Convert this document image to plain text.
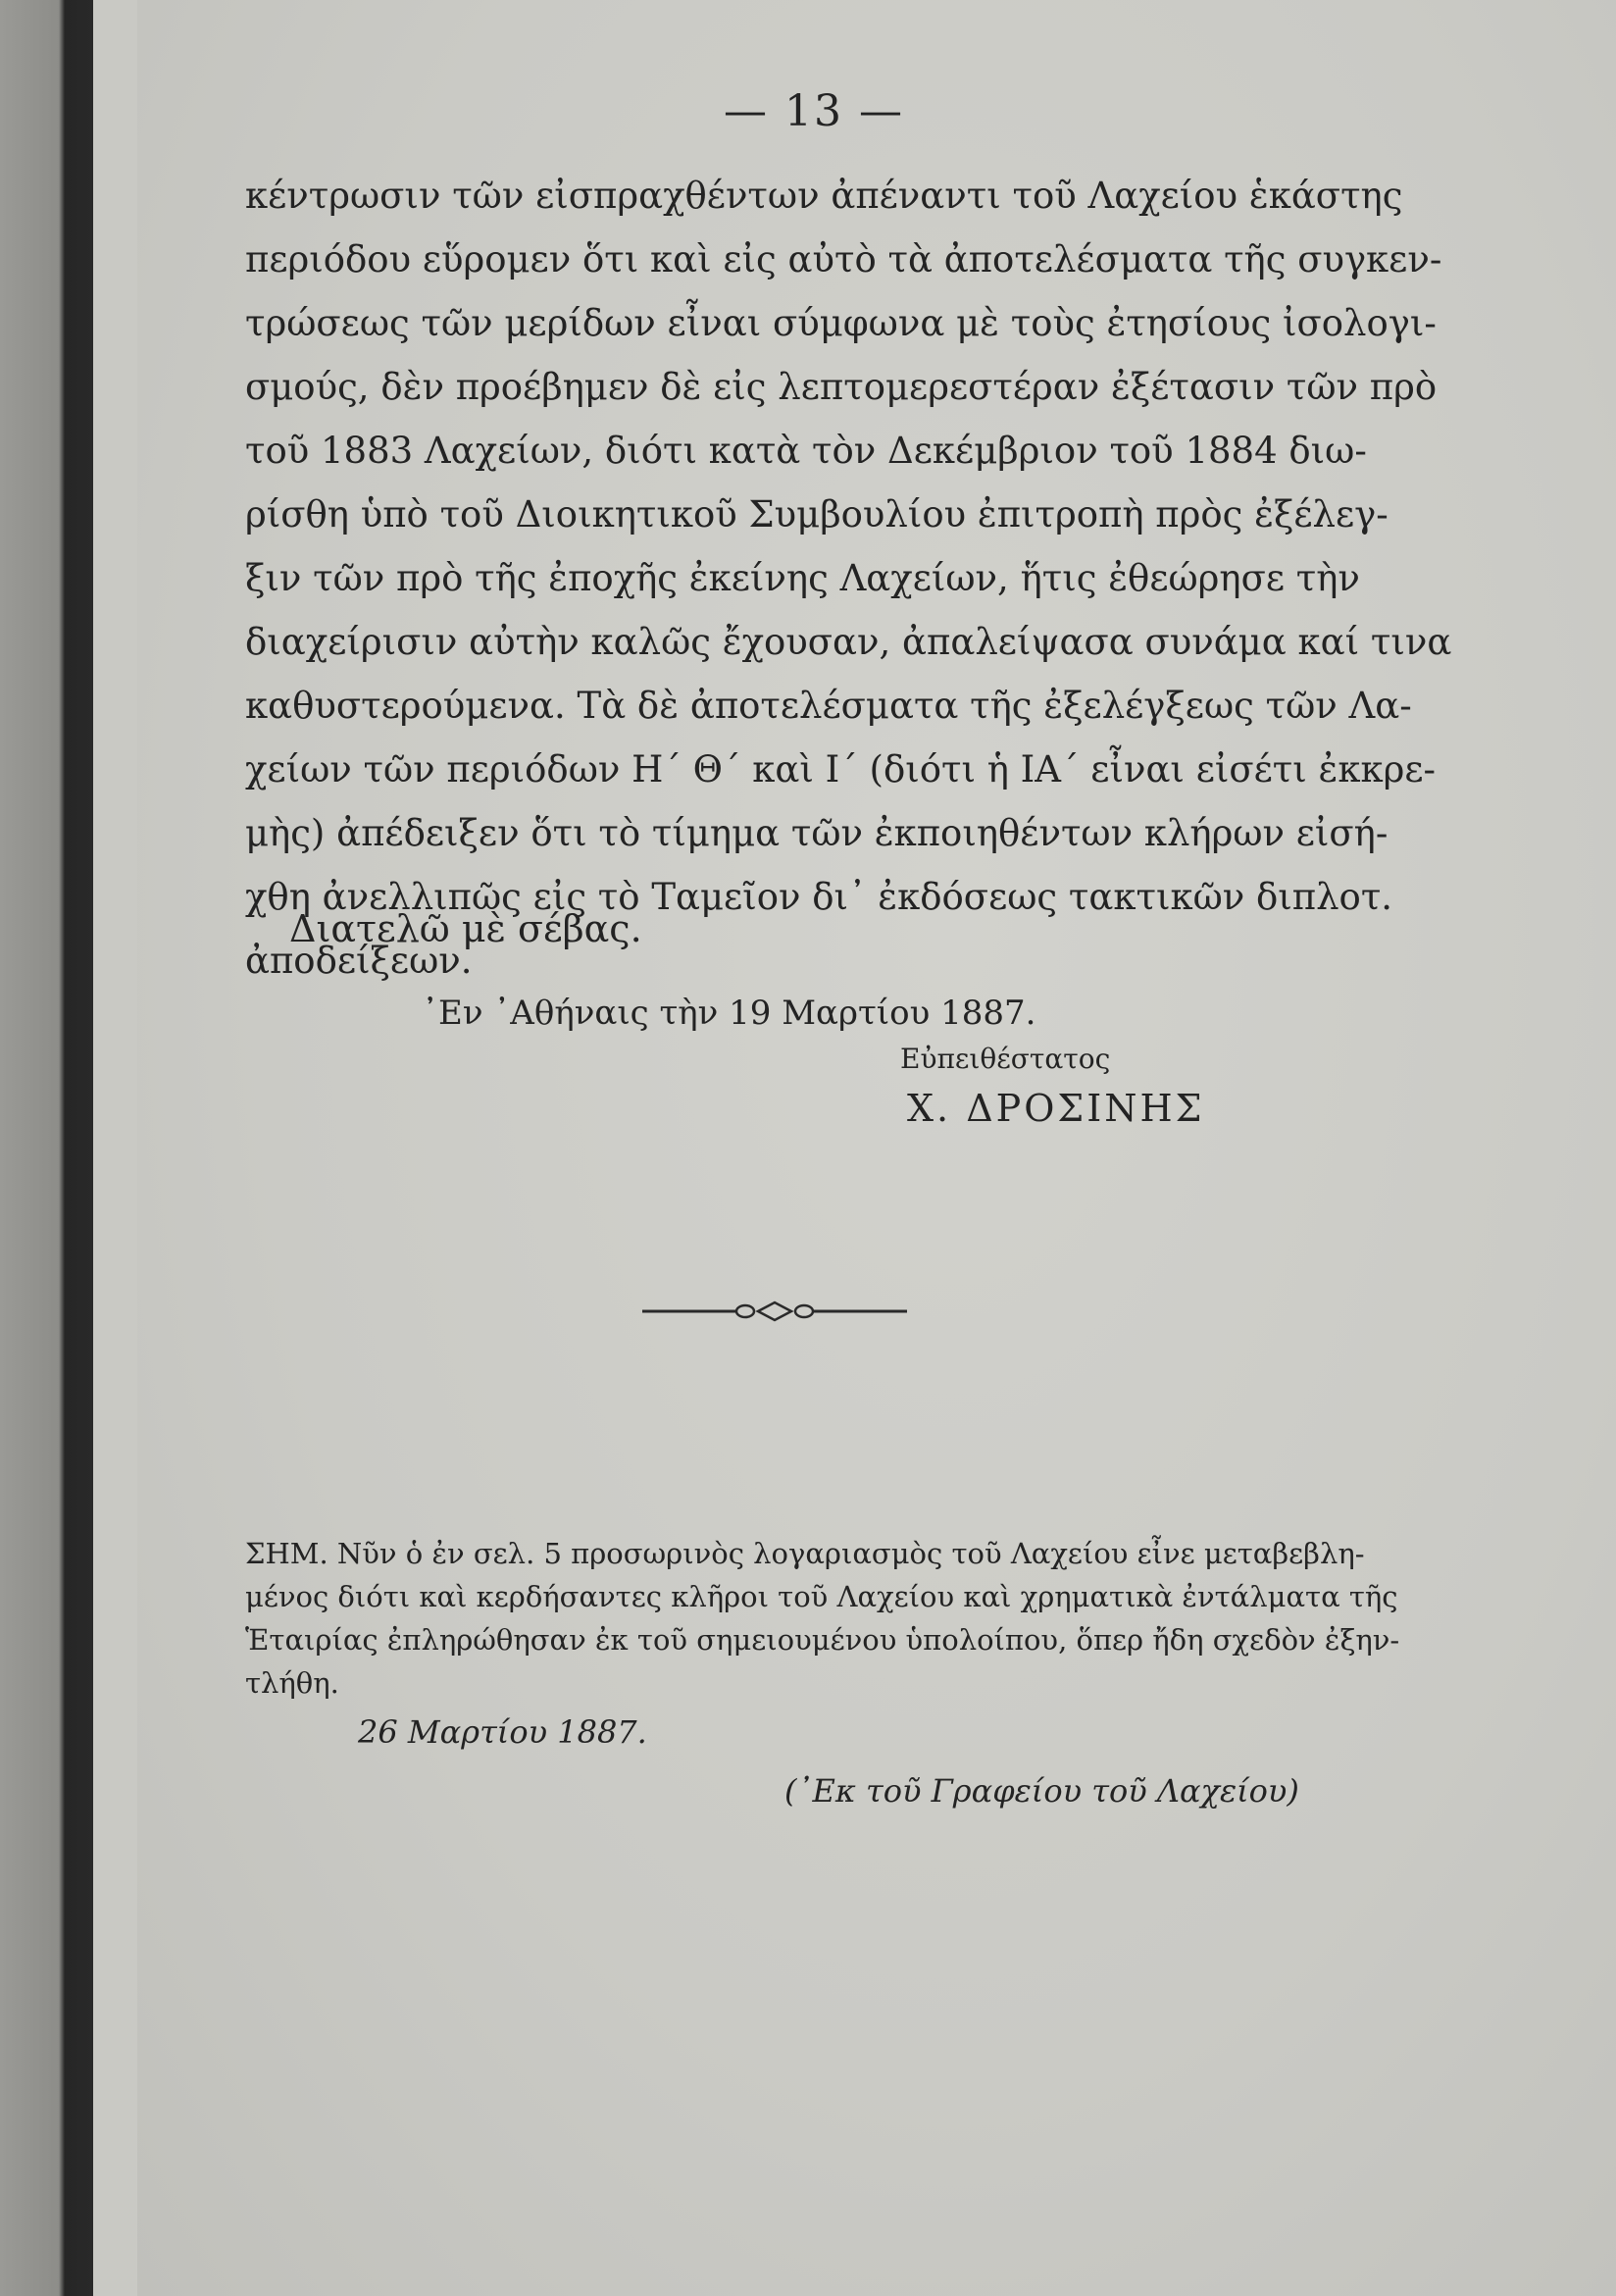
— 13 —
κέντρωσιν τῶν εἰσπραχθέντων ἀπέναντι τοῦ Λαχείου ἑκάστης
περιόδου εὕρομεν ὅτι καὶ εἰς αὐτὸ τὰ ἀποτελέσματα τῆς συγκεν-
τρώσεως τῶν μερίδων εἶναι σύμφωνα μὲ τοὺς ἐτησίους ἰσολογι-
σμούς, δὲν προέβημεν δὲ εἰς λεπτομερεστέραν ἐξέτασιν τῶν πρὸ
τοῦ 1883 Λαχείων, διότι κατὰ τὸν Δεκέμβριον τοῦ 1884 διω-
ρίσθη ὑπὸ τοῦ Διοικητικοῦ Συμβουλίου ἐπιτροπὴ πρὸς ἐξέλεγ-
ξιν τῶν πρὸ τῆς ἐποχῆς ἐκείνης Λαχείων, ἥτις ἐθεώρησε τὴν
διαχείρισιν αὐτὴν καλῶς ἔχουσαν, ἀπαλείψασα συνάμα καί τινα
καθυστερούμενα. Τὰ δὲ ἀποτελέσματα τῆς ἐξελέγξεως τῶν Λα-
χείων τῶν περιόδων Η΄ Θ΄ καὶ Ι΄ (διότι ἡ ΙΑ΄ εἶναι εἰσέτι ἐκκρε-
μὴς) ἀπέδειξεν ὅτι τὸ τίμημα τῶν ἐκποιηθέντων κλήρων εἰσή-
χθη ἀνελλιπῶς εἰς τὸ Ταμεῖον δι᾽ ἐκδόσεως τακτικῶν διπλοτ.
ἀποδείξεων.
Διατελῶ μὲ σέβας.
᾽Εν ᾽Αθήναις τὴν 19 Μαρτίου 1887.
Εὐπειθέστατος
Χ. ΔΡΟΣΙΝΗΣ
ΣΗΜ. Νῦν ὁ ἐν σελ. 5 προσωρινὸς λογαριασμὸς τοῦ Λαχείου εἶνε μεταβεβλη-
μένος διότι καὶ κερδήσαντες κλῆροι τοῦ Λαχείου καὶ χρηματικὰ ἐντάλματα τῆς
Ἑταιρίας ἐπληρώθησαν ἐκ τοῦ σημειουμένου ὑπολοίπου, ὅπερ ἤδη σχεδὸν ἐξην-
τλήθη.
26 Μαρτίου 1887.
(᾽Εκ τοῦ Γραφείου τοῦ Λαχείου)
